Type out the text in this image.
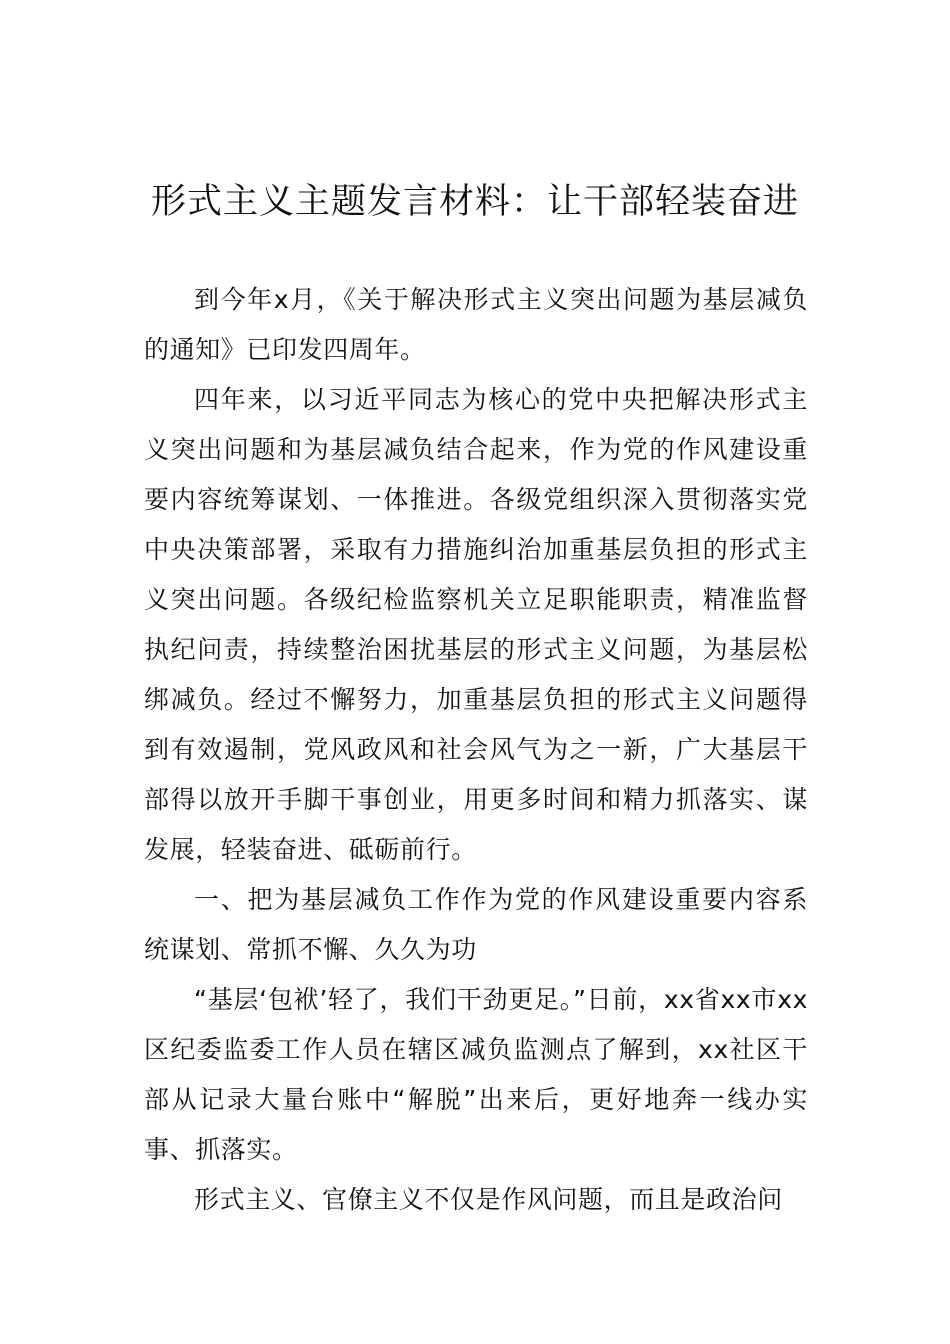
形式主义主题发言材料：让干部轻装奋进

到今年x月，《关于解决形式主义突出问题为基层减负的通知》已印发四周年。

四年来，以习近平同志为核心的党中央把解决形式主义突出问题和为基层减负结合起来，作为党的作风建设重要内容统筹谋划、一体推进。各级党组织深入贯彻落实党中央决策部署，采取有力措施纠治加重基层负担的形式主义突出问题。各级纪检监察机关立足职能职责，精准监督执纪问责，持续整治困扰基层的形式主义问题，为基层松绑减负。经过不懈努力，加重基层负担的形式主义问题得到有效遏制，党风政风和社会风气为之一新，广大基层干部得以放开手脚干事创业，用更多时间和精力抓落实、谋发展，轻装奋进、砥砺前行。

一、把为基层减负工作作为党的作风建设重要内容系统谋划、常抓不懈、久久为功

“基层‘包袱’轻了，我们干劲更足。”日前，xx省xx市xx区纪委监委工作人员在辖区减负监测点了解到，xx社区干部从记录大量台账中“解脱”出来后，更好地奔一线办实事、抓落实。

形式主义、官僚主义不仅是作风问题，而且是政治问
